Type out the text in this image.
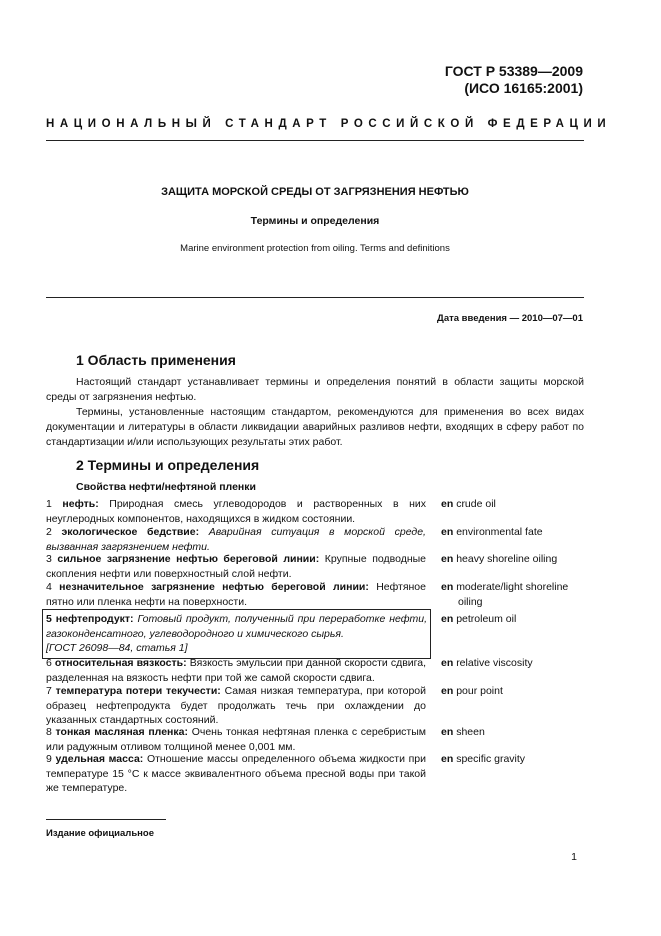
ГОСТ Р 53389—2009
(ИСО 16165:2001)
НАЦИОНАЛЬНЫЙ СТАНДАРТ РОССИЙСКОЙ ФЕДЕРАЦИИ
ЗАЩИТА МОРСКОЙ СРЕДЫ ОТ ЗАГРЯЗНЕНИЯ НЕФТЬЮ
Термины и определения
Marine environment protection from oiling. Terms and definitions
Дата введения — 2010—07—01
1 Область применения

Настоящий стандарт устанавливает термины и определения понятий в области защиты морской среды от загрязнения нефтью.

Термины, установленные настоящим стандартом, рекомендуются для применения во всех видах документации и литературы в области ликвидации аварийных разливов нефти, входящих в сферу работ по стандартизации и/или использующих результаты этих работ.

2 Термины и определения
Свойства нефти/нефтяной пленки
1 нефть: Природная смесь углеводородов и растворенных в них неуглеродных компонентов, находящихся в жидком состоянии.
en crude oil
2 экологическое бедствие: Аварийная ситуация в морской среде, вызванная загрязнением нефти.
en environmental fate
3 сильное загрязнение нефтью береговой линии: Крупные подводные скопления нефти или поверхностный слой нефти.
en heavy shoreline oiling
4 незначительное загрязнение нефтью береговой линии: Нефтяное пятно или пленка нефти на поверхности.
en moderate/light shoreline
oiling
5 нефтепродукт: Готовый продукт, полученный при переработке нефти, газоконденсатного, углеводородного и химического сырья.
[ГОСТ 26098—84, статья 1]
en petroleum oil
6 относительная вязкость: Вязкость эмульсии при данной скорости сдвига, разделенная на вязкость нефти при той же самой скорости сдвига.
en relative viscosity
7 температура потери текучести: Самая низкая температура, при которой образец нефтепродукта будет продолжать течь при охлаждении до указанных стандартных состояний.
en pour point
8 тонкая масляная пленка: Очень тонкая нефтяная пленка с серебристым или радужным отливом толщиной менее 0,001 мм.
en sheen
9 удельная масса: Отношение массы определенного объема жидкости при температуре 15 °C к массе эквивалентного объема пресной воды при такой же температуре.
en specific gravity
Издание официальное
1
